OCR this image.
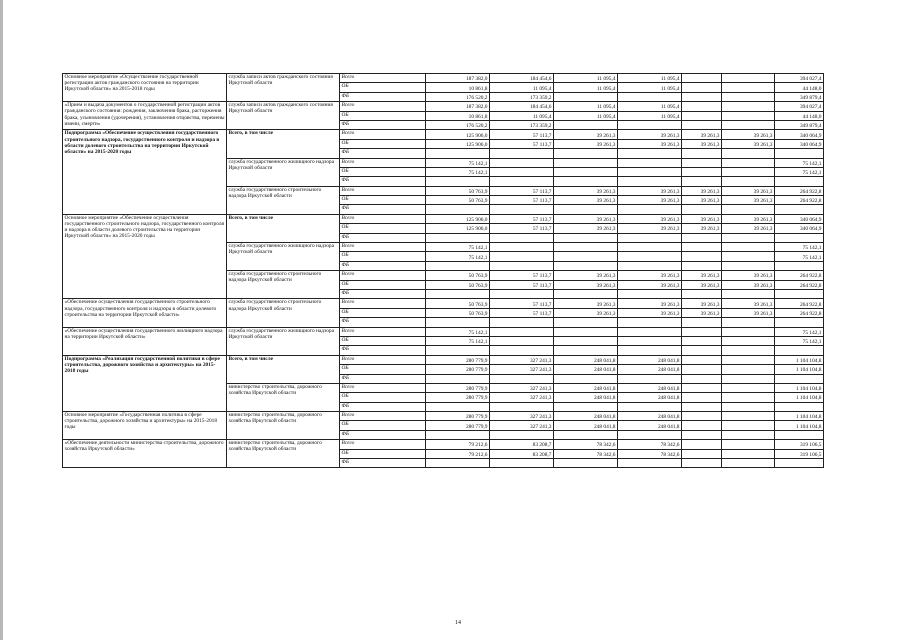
Основное мероприятие «Осуществление государственной регистрации актов гражданского состояния на территории Иркутской области» на 2015-2018 годы	служба записи актов гражданского состояния Иркутской области	Всего	187 382,0	184 454,6	11 095,4	11 095,4			394 027,4
		ОБ	10 861,8	11 095,4	11 095,4	11 095,4			44 148,0
		ФБ	176 520,2	173 359,2					349 879,4
«Прием и выдача документов о государственной регистрации актов гражданского состояния: рождения, заключения брака, расторжения брака, усыновления (удочерения), установления отцовства, перемены имени, смерти»	служба записи актов гражданского состояния Иркутской области	Всего	187 382,0	184 454,6	11 095,4	11 095,4			394 027,4
		ОБ	10 861,8	11 095,4	11 095,4	11 095,4			44 148,0
		ФБ	176 520,2	173 359,2					349 879,4
Подпрограмма «Обеспечение осуществления государственного строительного надзора, государственного контроля и надзора в области долевого строительства на территории Иркутской области» на 2015-2020 годы	Всего, в том числе	Всего	125 906,0	57 113,7	39 261,3	39 261,3	39 261,3	39 261,3	340 064,9
		ОБ	125 906,0	57 113,7	39 261,3	39 261,3	39 261,3	39 261,3	340 064,9
		ФБ							
	служба государственного жилищного надзора Иркутской области	Всего	75 142,1						75 142,1
		ОБ	75 142,1						75 142,1
		ФБ							
	служба государственного строительного надзора Иркутской области	Всего	50 763,9	57 113,7	39 261,3	39 261,3	39 261,3	39 261,3	264 922,8
		ОБ	50 763,9	57 113,7	39 261,3	39 261,3	39 261,3	39 261,3	264 922,8
		ФБ							
Основное мероприятие «Обеспечение осуществления государственного строительного надзора, государственного контроля и надзора в области долевого строительства на территории Иркутской области» на 2015-2020 годы	Всего, в том числе	Всего	125 906,0	57 113,7	39 261,3	39 261,3	39 261,3	39 261,3	340 064,9
		ОБ	125 906,0	57 113,7	39 261,3	39 261,3	39 261,3	39 261,3	340 064,9
		ФБ							
	служба государственного жилищного надзора Иркутской области	Всего	75 142,1						75 142,1
		ОБ	75 142,1						75 142,1
		ФБ							
	служба государственного строительного надзора Иркутской области	Всего	50 763,9	57 113,7	39 261,3	39 261,3	39 261,3	39 261,3	264 922,8
		ОБ	50 763,9	57 113,7	39 261,3	39 261,3	39 261,3	39 261,3	264 922,8
		ФБ							
«Обеспечение осуществления государственного строительного надзора, государственного контроля и надзора в области долевого строительства на территории Иркутской области»	служба государственного строительного надзора Иркутской области	Всего	50 763,9	57 113,7	39 261,3	39 261,3	39 261,3	39 261,3	264 922,8
		ОБ	50 763,9	57 113,7	39 261,3	39 261,3	39 261,3	39 261,3	264 922,8
		ФБ							
«Обеспечение осуществления государственного жилищного надзора на территории Иркутской области»	служба государственного жилищного надзора Иркутской области	Всего	75 142,1						75 142,1
		ОБ	75 142,1						75 142,1
		ФБ							
Подпрограмма «Реализация государственной политики в сфере строительства, дорожного хозяйства и архитектуры» на 2015-2018 годы	Всего, в том числе	Всего	280 779,9	327 241,3	248 041,8	248 041,8			1 104 104,8
		ОБ	280 779,9	327 241,3	248 041,8	248 041,8			1 104 104,8
		ФБ							
	министерство строительства, дорожного хозяйства Иркутской области	Всего	280 779,9	327 241,3	248 041,8	248 041,8			1 104 104,8
		ОБ	280 779,9	327 241,3	248 041,8	248 041,8			1 104 104,8
		ФБ							
Основное мероприятие «Государственная политика в сфере строительства, дорожного хозяйства и архитектуры» на 2015-2018 годы	министерство строительства, дорожного хозяйства Иркутской области	Всего	280 779,9	327 241,3	248 041,8	248 041,8			1 104 104,8
		ОБ	280 779,9	327 241,3	248 041,8	248 041,8			1 104 104,8
		ФБ							
«Обеспечение деятельности министерства строительства, дорожного хозяйства Иркутской области»	министерство строительства, дорожного хозяйства Иркутской области	Всего	79 212,6	83 208,7	78 342,6	78 342,6			319 106,5
		ОБ	79 212,6	83 208,7	78 342,6	78 342,6			319 106,5
		ФБ							
14
